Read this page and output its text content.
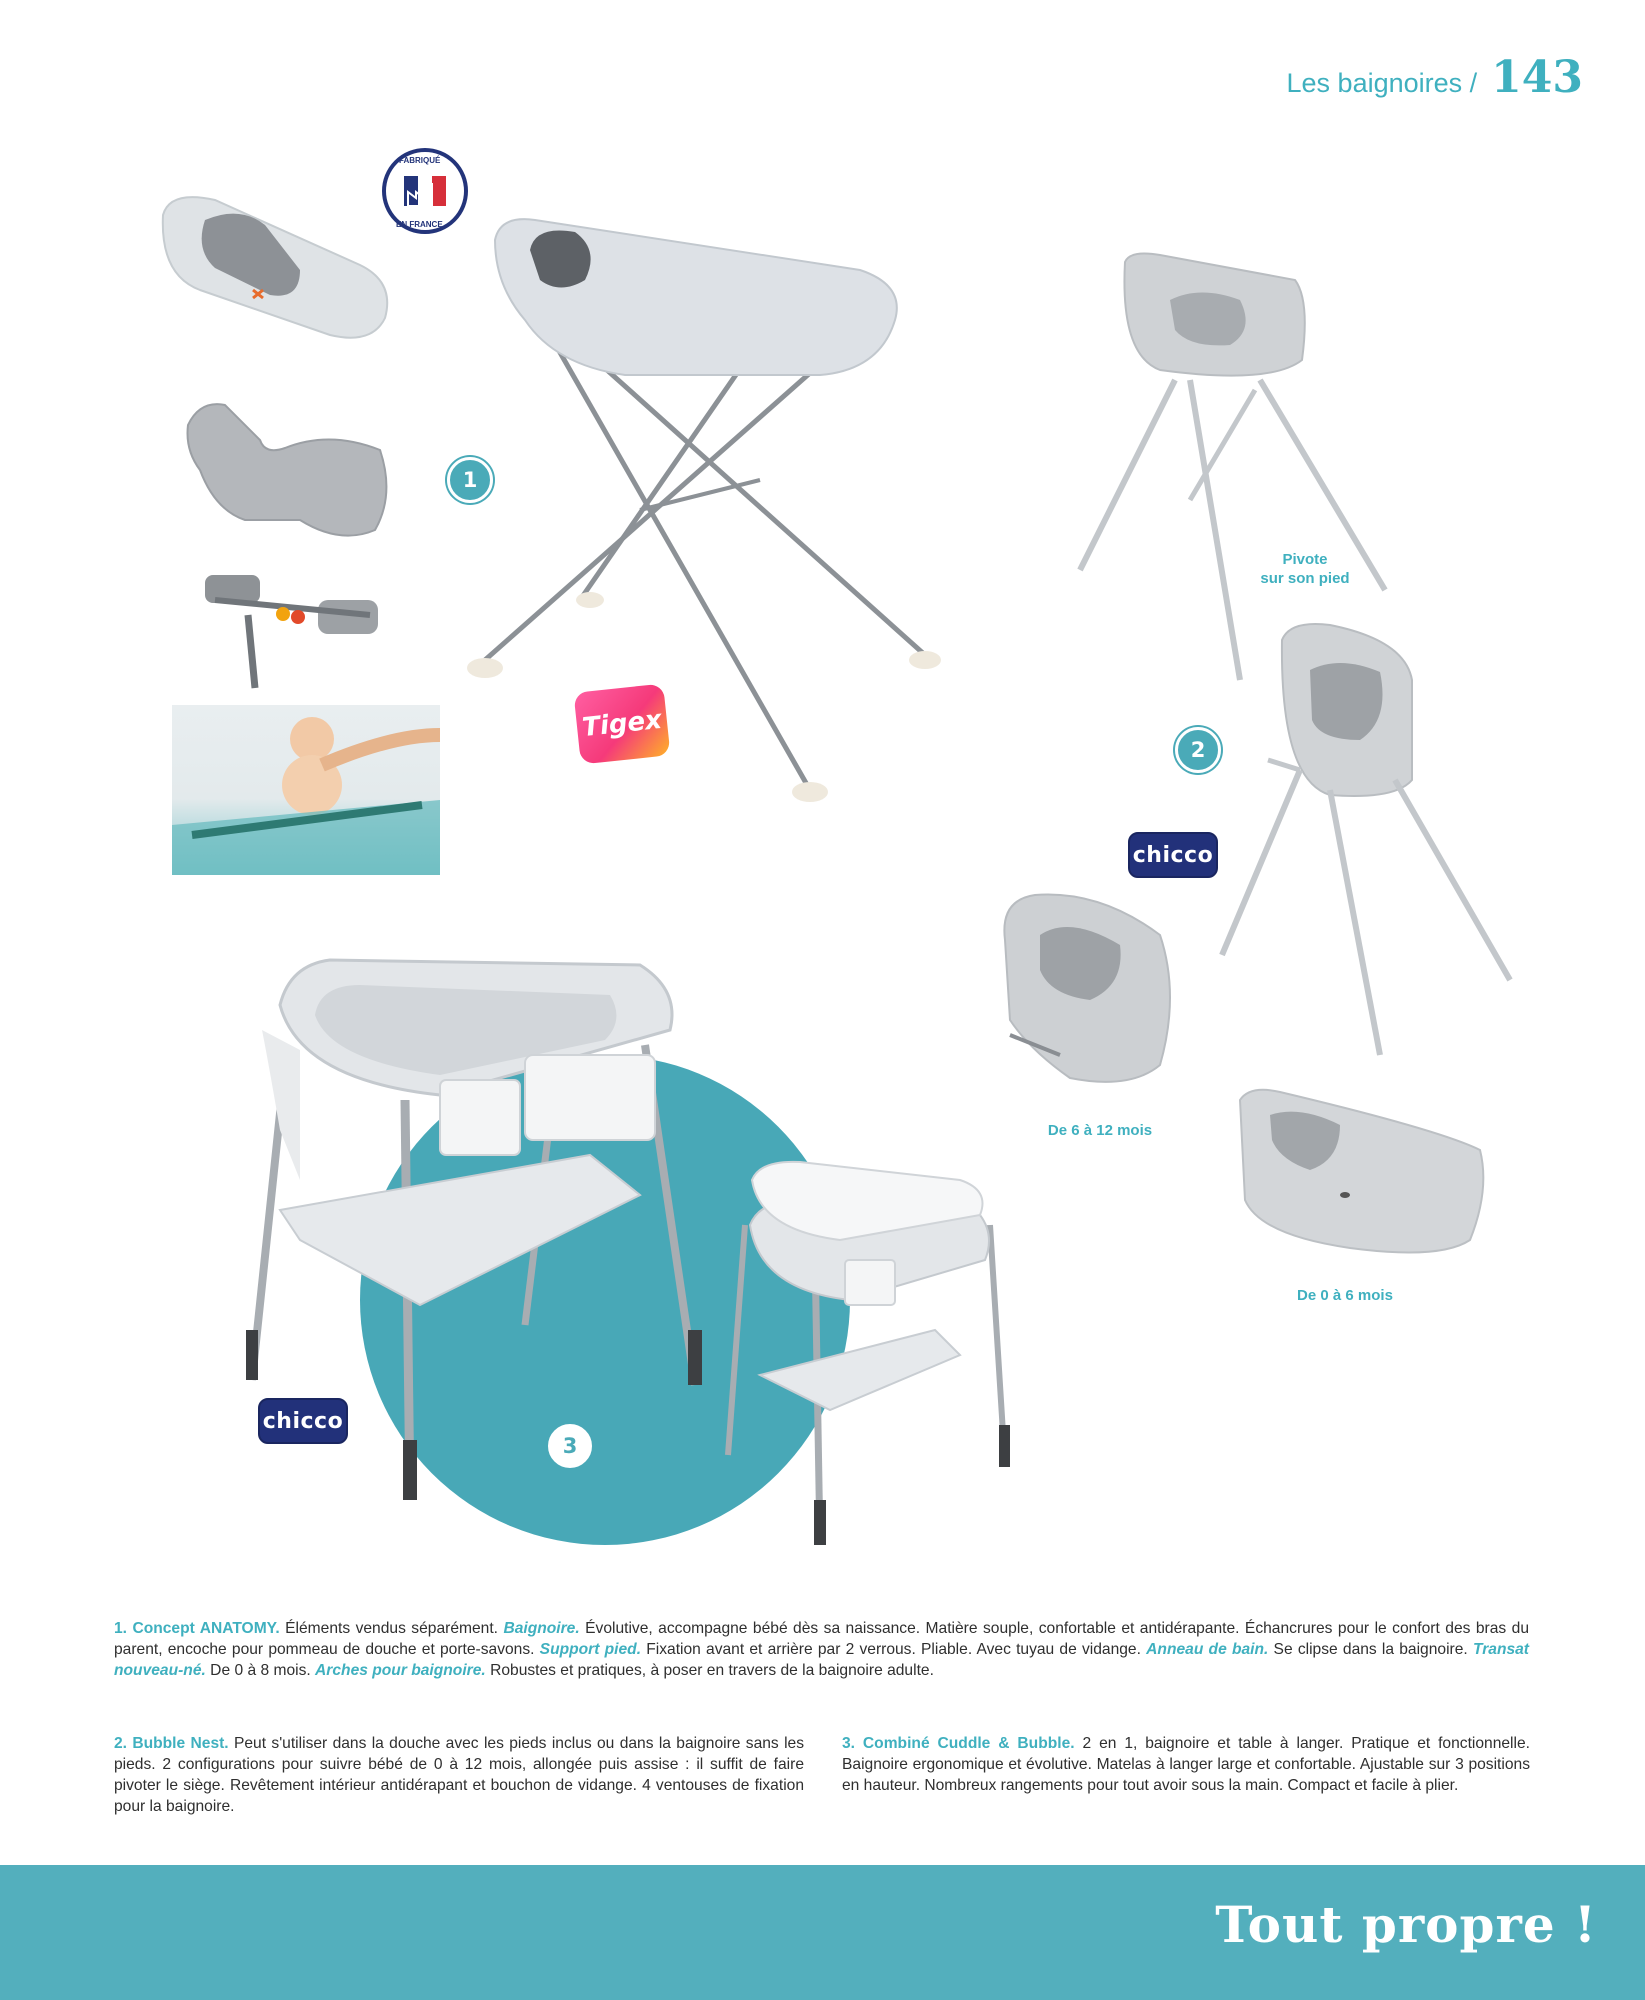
Les baignoires / 143
FABRIQUÉ
EN FRANCE
1
2
3
Tigex
chicco
chicco
Pivote
sur son pied
De 6 à 12 mois
De 0 à 6 mois
1. Concept ANATOMY. Éléments vendus séparément. Baignoire. Évolutive, accompagne bébé dès sa naissance. Matière souple, confortable et antidérapante. Échancrures pour le confort des bras du parent, encoche pour pommeau de douche et porte-savons. Support pied. Fixation avant et arrière par 2 verrous. Pliable. Avec tuyau de vidange. Anneau de bain. Se clipse dans la baignoire. Transat nouveau-né. De 0 à 8 mois. Arches pour baignoire. Robustes et pratiques, à poser en travers de la baignoire adulte.
2. Bubble Nest. Peut s'utiliser dans la douche avec les pieds inclus ou dans la baignoire sans les pieds. 2 configurations pour suivre bébé de 0 à 12 mois, allongée puis assise : il suffit de faire pivoter le siège. Revêtement intérieur antidérapant et bouchon de vidange. 4 ventouses de fixation pour la baignoire.
3. Combiné Cuddle & Bubble. 2 en 1, baignoire et table à langer. Pratique et fonctionnelle. Baignoire ergonomique et évolutive. Matelas à langer large et confortable. Ajustable sur 3 positions en hauteur. Nombreux rangements pour tout avoir sous la main. Compact et facile à plier.
Tout propre !
